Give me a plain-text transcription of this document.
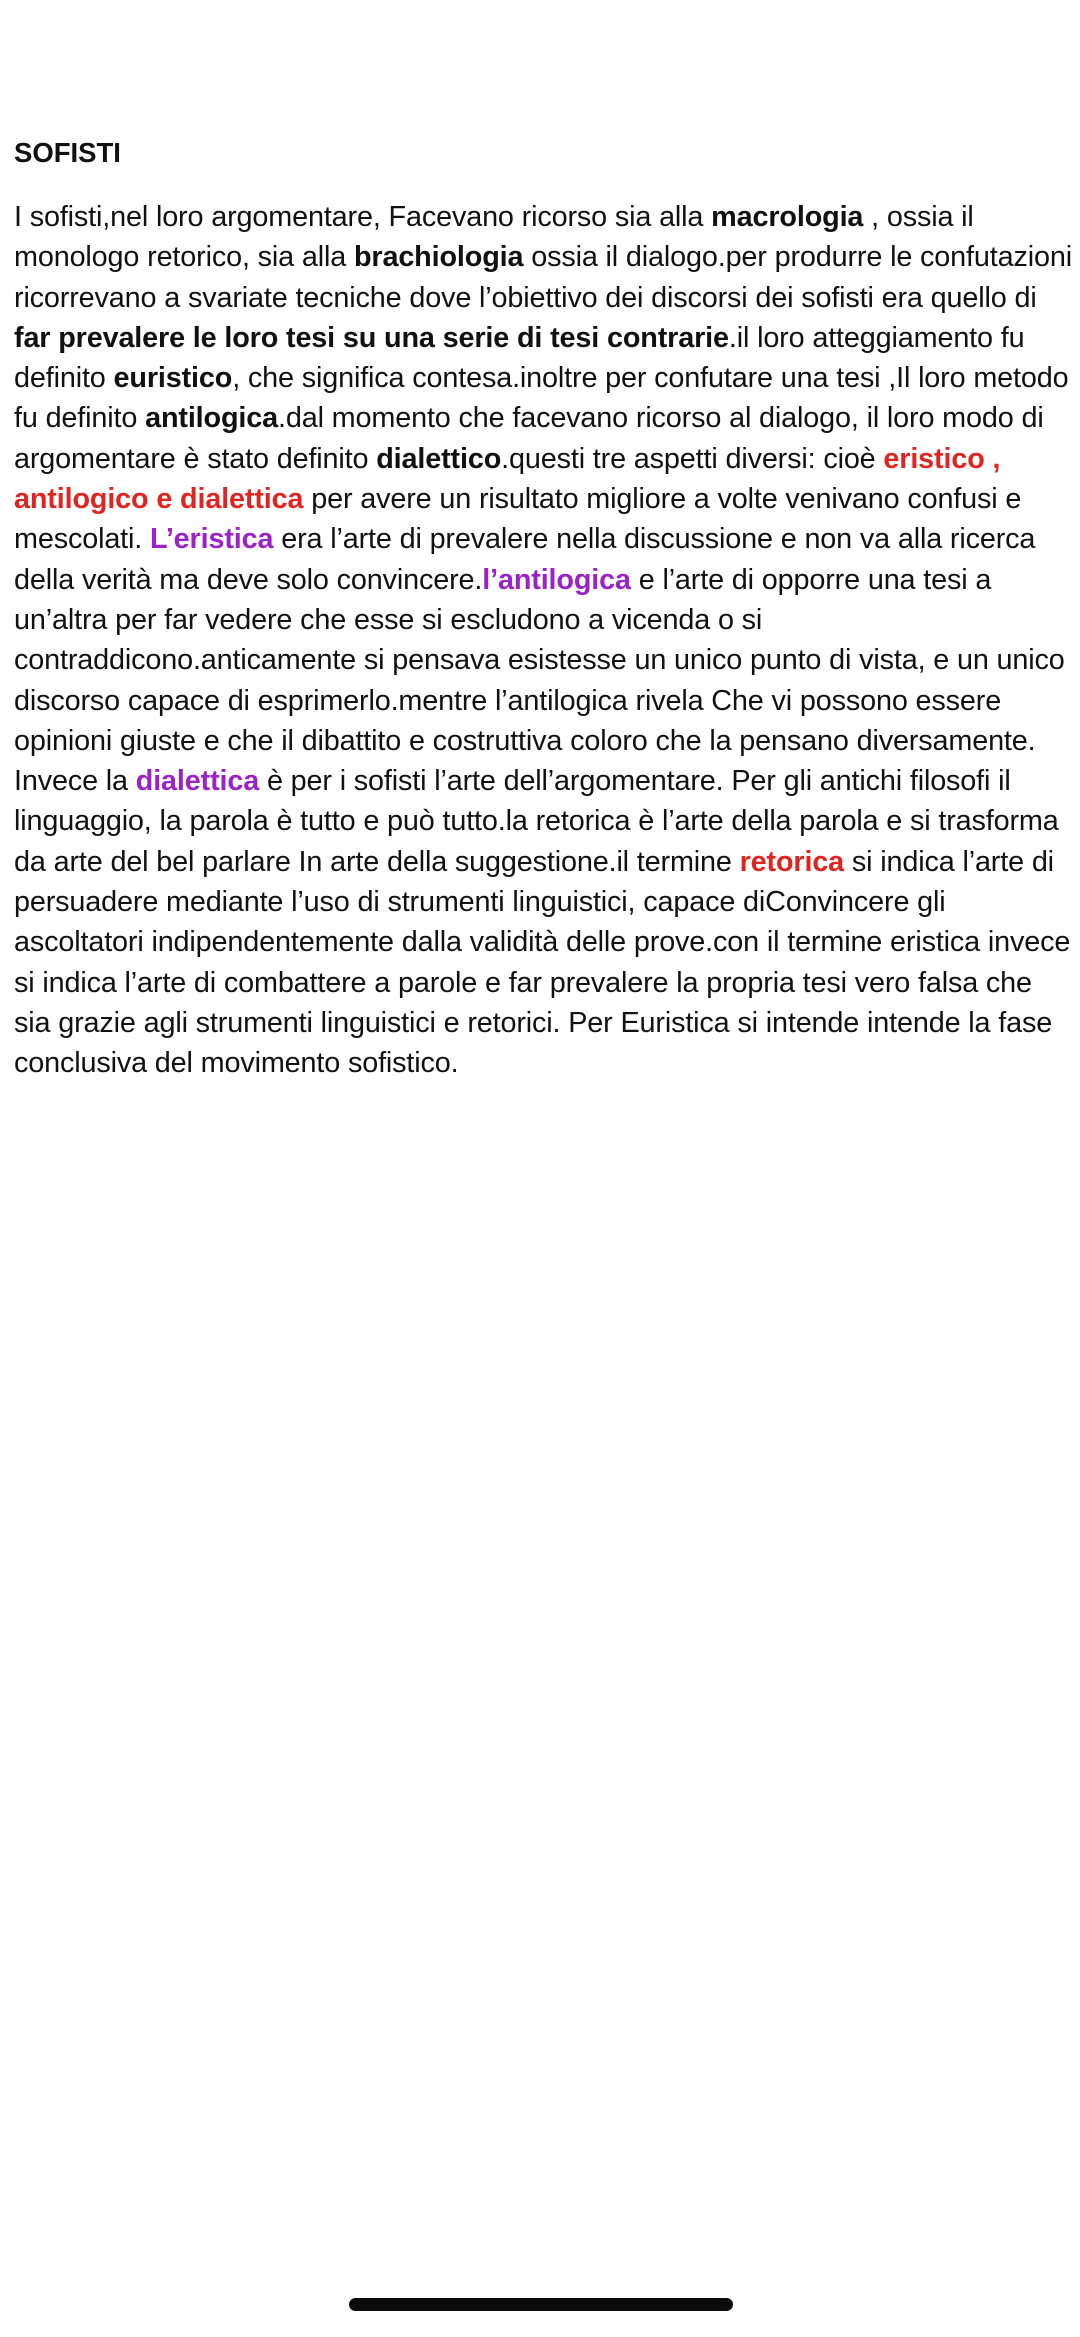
SOFISTI

I sofisti,nel loro argomentare, Facevano ricorso sia alla macrologia , ossia il monologo retorico, sia alla brachiologia ossia il dialogo.per produrre le confutazioni ricorrevano a svariate tecniche dove l’obiettivo dei discorsi dei sofisti era quello di far prevalere le loro tesi su una serie di tesi contrarie.il loro atteggiamento fu definito euristico, che significa contesa.inoltre per confutare una tesi ,Il loro metodo fu definito antilogica.dal momento che facevano ricorso al dialogo, il loro modo di argomentare è stato definito dialettico.questi tre aspetti diversi: cioè eristico , antilogico e dialettica per avere un risultato migliore a volte venivano confusi e mescolati. L’eristica era l’arte di prevalere nella discussione e non va alla ricerca della verità ma deve solo convincere.l’antilogica e l’arte di opporre una tesi a un’altra per far vedere che esse si escludono a vicenda o si contraddicono.anticamente si pensava esistesse un unico punto di vista, e un unico discorso capace di esprimerlo.mentre l’antilogica rivela Che vi possono essere opinioni giuste e che il dibattito e costruttiva coloro che la pensano diversamente. Invece la dialettica è per i sofisti l’arte dell’argomentare. Per gli antichi filosofi il linguaggio, la parola è tutto e può tutto.la retorica è l’arte della parola e si trasforma da arte del bel parlare In arte della suggestione.il termine retorica si indica l’arte di persuadere mediante l’uso di strumenti linguistici, capace diConvincere gli ascoltatori indipendentemente dalla validità delle prove.con il termine eristica invece si indica l’arte di combattere a parole e far prevalere la propria tesi vero falsa che sia grazie agli strumenti linguistici e retorici. Per Euristica si intende intende la fase conclusiva del movimento sofistico.
